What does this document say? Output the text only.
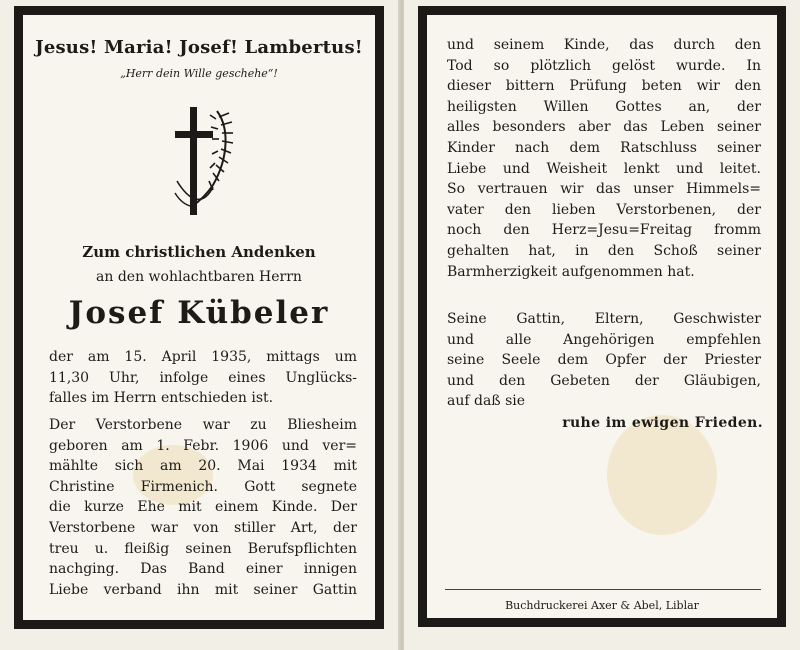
Jesus! Maria! Josef! Lambertus!
„Herr dein Wille geschehe“!
Zum christlichen Andenken
an den wohlachtbaren Herrn
Josef Kübeler
der am 15. April 1935, mittags um
11,30 Uhr, infolge eines Unglücks-
falles im Herrn entschieden ist.
Der Verstorbene war zu Bliesheim
geboren am 1. Febr. 1906 und ver=
mählte sich am 20. Mai 1934 mit
Christine Firmenich. Gott segnete
die kurze Ehe mit einem Kinde. Der
Verstorbene war von stiller Art, der
treu u. fleißig seinen Berufspflichten
nachging. Das Band einer innigen
Liebe verband ihn mit seiner Gattin
und seinem Kinde, das durch den
Tod so plötzlich gelöst wurde. In
dieser bittern Prüfung beten wir den
heiligsten Willen Gottes an, der
alles besonders aber das Leben seiner
Kinder nach dem Ratschluss seiner
Liebe und Weisheit lenkt und leitet.
So vertrauen wir das unser Himmels=
vater den lieben Verstorbenen, der
noch den Herz=Jesu=Freitag fromm
gehalten hat, in den Schoß seiner
Barmherzigkeit aufgenommen hat.
Seine Gattin, Eltern, Geschwister
und alle Angehörigen empfehlen
seine Seele dem Opfer der Priester
und den Gebeten der Gläubigen,
auf daß sie
ruhe im ewigen Frieden.
Buchdruckerei Axer & Abel, Liblar
